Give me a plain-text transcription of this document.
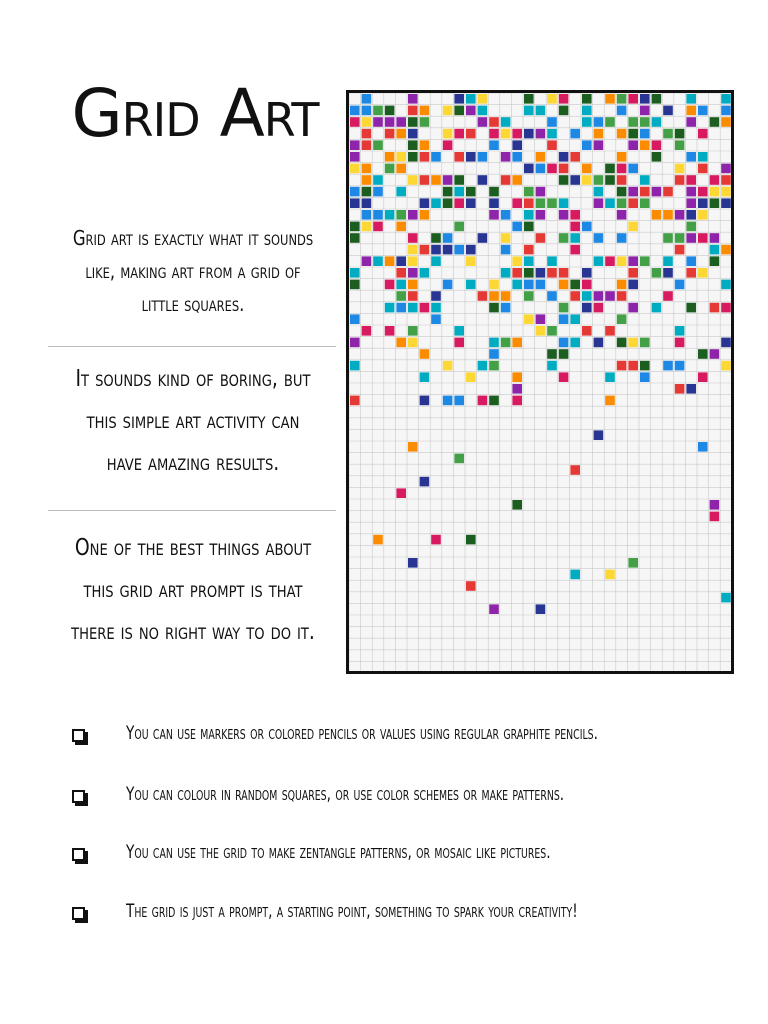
Grid Art
Grid art is exactly what it sounds like, making art from a grid of little squares.
It sounds kind of boring, but this simple art activity can have amazing results.
One of the best things about this grid art prompt is that there is no right way to do it.
You can use markers or colored pencils or values using regular graphite pencils.
You can colour in random squares, or use color schemes or make patterns.
You can use the grid to make zentangle patterns, or mosaic like pictures.
The grid is just a prompt, a starting point, something to spark your creativity!
